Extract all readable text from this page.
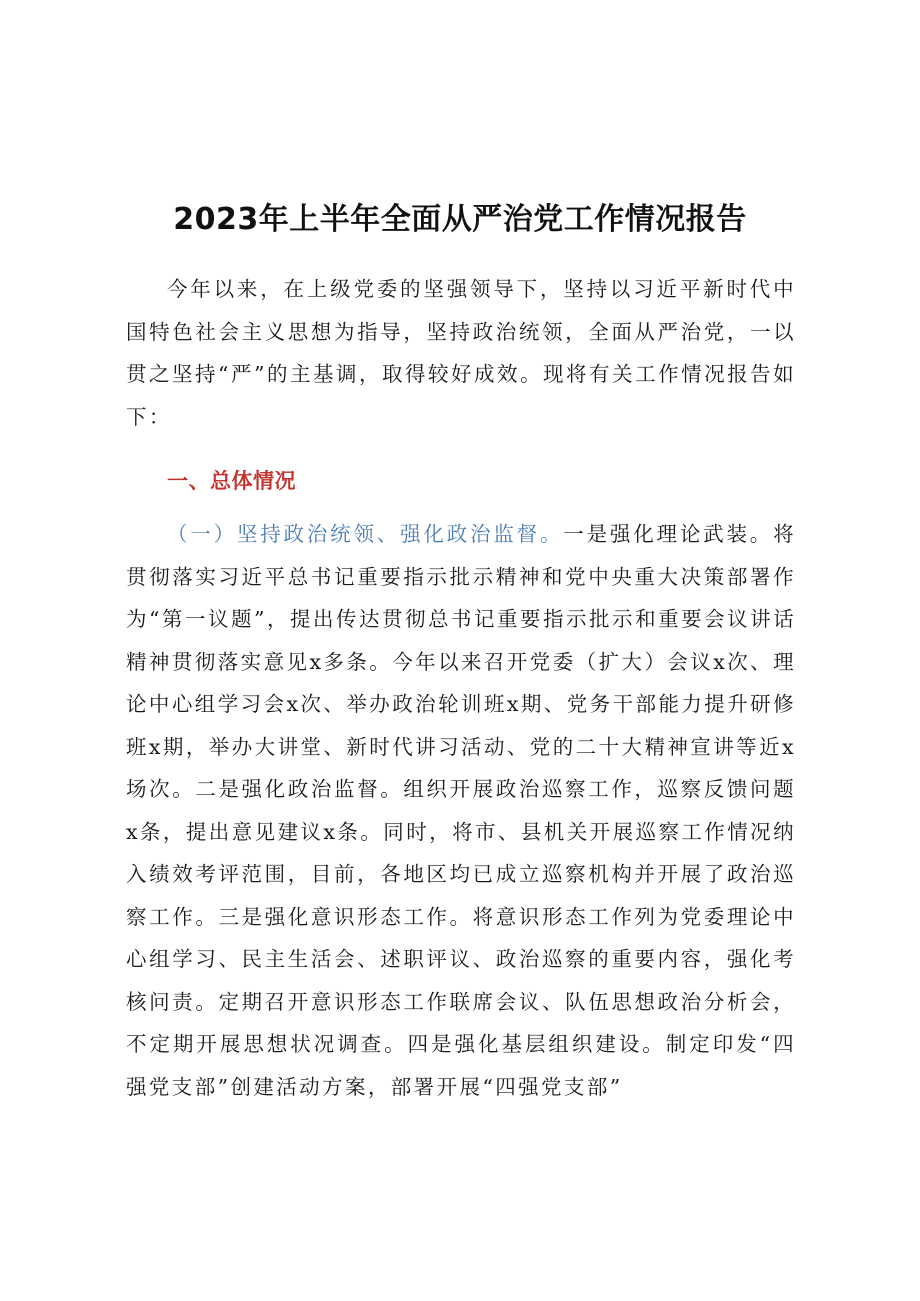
2023年上半年全面从严治党工作情况报告

今年以来，在上级党委的坚强领导下，坚持以习近平新时代中国特色社会主义思想为指导，坚持政治统领，全面从严治党，一以贯之坚持“严”的主基调，取得较好成效。现将有关工作情况报告如下：

一、总体情况

（一）坚持政治统领、强化政治监督。一是强化理论武装。将贯彻落实习近平总书记重要指示批示精神和党中央重大决策部署作为“第一议题”，提出传达贯彻总书记重要指示批示和重要会议讲话精神贯彻落实意见x多条。今年以来召开党委（扩大）会议x次、理论中心组学习会x次、举办政治轮训班x期、党务干部能力提升研修班x期，举办大讲堂、新时代讲习活动、党的二十大精神宣讲等近x场次。二是强化政治监督。组织开展政治巡察工作，巡察反馈问题x条，提出意见建议x条。同时，将市、县机关开展巡察工作情况纳入绩效考评范围，目前，各地区均已成立巡察机构并开展了政治巡察工作。三是强化意识形态工作。将意识形态工作列为党委理论中心组学习、民主生活会、述职评议、政治巡察的重要内容，强化考核问责。定期召开意识形态工作联席会议、队伍思想政治分析会，不定期开展思想状况调查。四是强化基层组织建设。制定印发“四强党支部”创建活动方案，部署开展“四强党支部”
